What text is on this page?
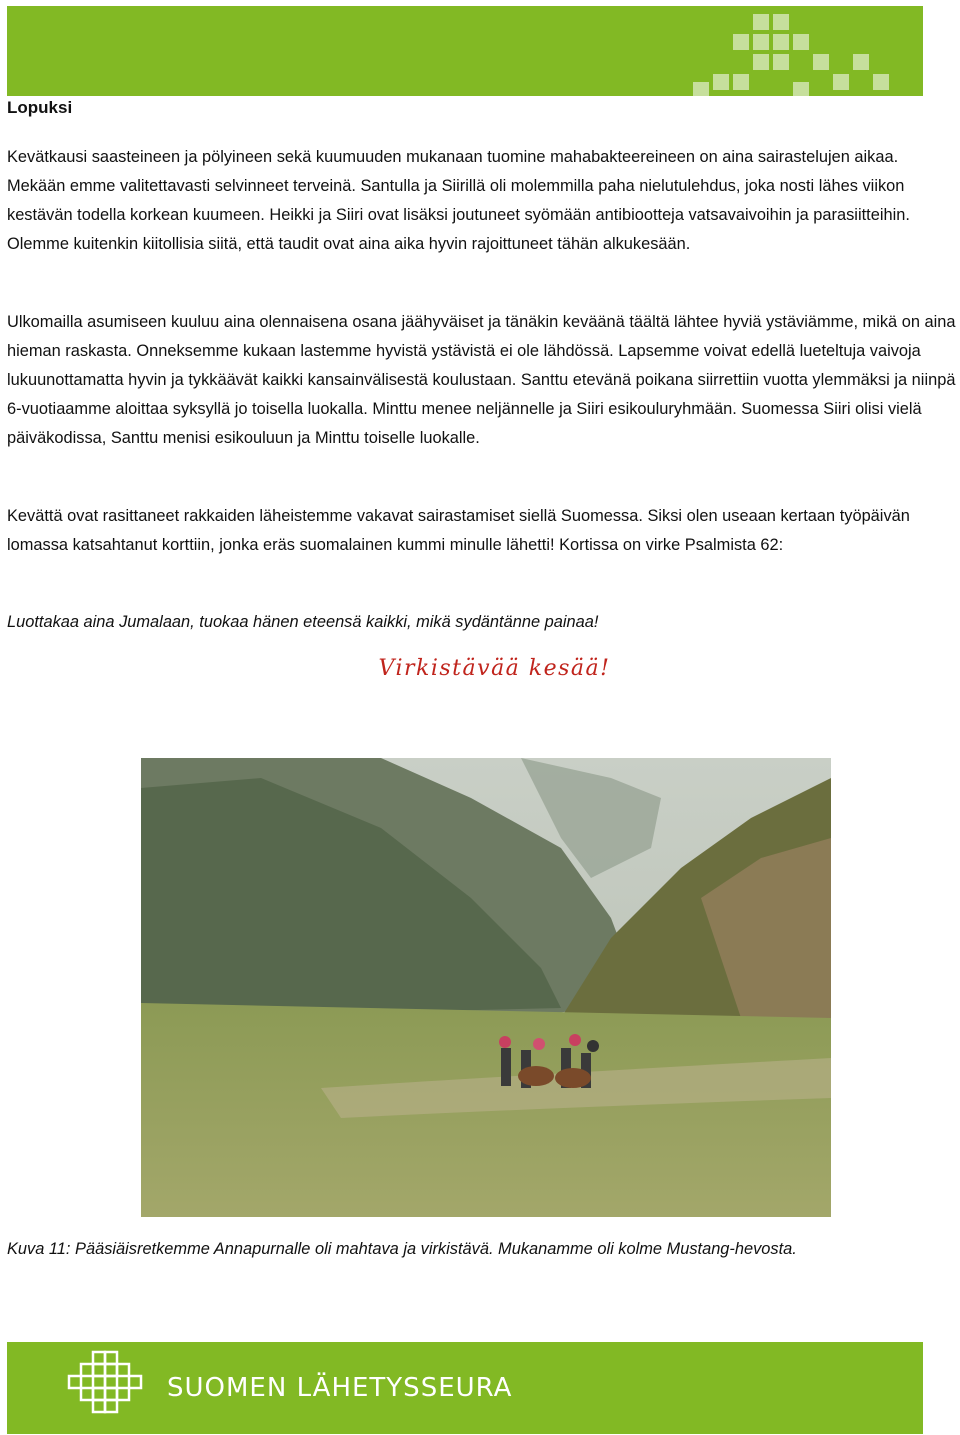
Lopuksi

Kevätkausi saasteineen ja pölyineen sekä kuumuuden mukanaan tuomine mahabakteereineen on aina sairastelujen aikaa. Mekään emme valitettavasti selvinneet terveinä. Santulla ja Siirillä oli molemmilla paha nielutulehdus, joka nosti lähes viikon kestävän todella korkean kuumeen. Heikki ja Siiri ovat lisäksi joutuneet syömään antibiootteja vatsavaivoihin ja parasiitteihin. Olemme kuitenkin kiitollisia siitä, että taudit ovat aina aika hyvin rajoittuneet tähän alkukesään.

Ulkomailla asumiseen kuuluu aina olennaisena osana jäähyväiset ja tänäkin keväänä täältä lähtee hyviä ystäviämme, mikä on aina hieman raskasta. Onneksemme kukaan lastemme hyvistä ystävistä ei ole lähdössä. Lapsemme voivat edellä lueteltuja vaivoja lukuunottamatta hyvin ja tykkäävät kaikki kansainvälisestä koulustaan. Santtu etevänä poikana siirrettiin vuotta ylemmäksi ja niinpä 6-vuotiaamme aloittaa syksyllä jo toisella luokalla. Minttu menee neljännelle ja Siiri esikouluryhmään. Suomessa Siiri olisi vielä päiväkodissa, Santtu menisi esikouluun ja Minttu toiselle luokalle.

Kevättä ovat rasittaneet rakkaiden läheistemme vakavat sairastamiset siellä Suomessa. Siksi olen useaan kertaan työpäivän lomassa katsahtanut korttiin, jonka eräs suomalainen kummi minulle lähetti! Kortissa on virke Psalmista 62:

Luottakaa aina Jumalaan, tuokaa hänen eteensä kaikki, mikä sydäntänne painaa!

Virkistävää kesää!
Kuva 11: Pääsiäisretkemme Annapurnalle oli mahtava ja virkistävä. Mukanamme oli kolme Mustang-hevosta.
SUOMEN LÄHETYSSEURA
